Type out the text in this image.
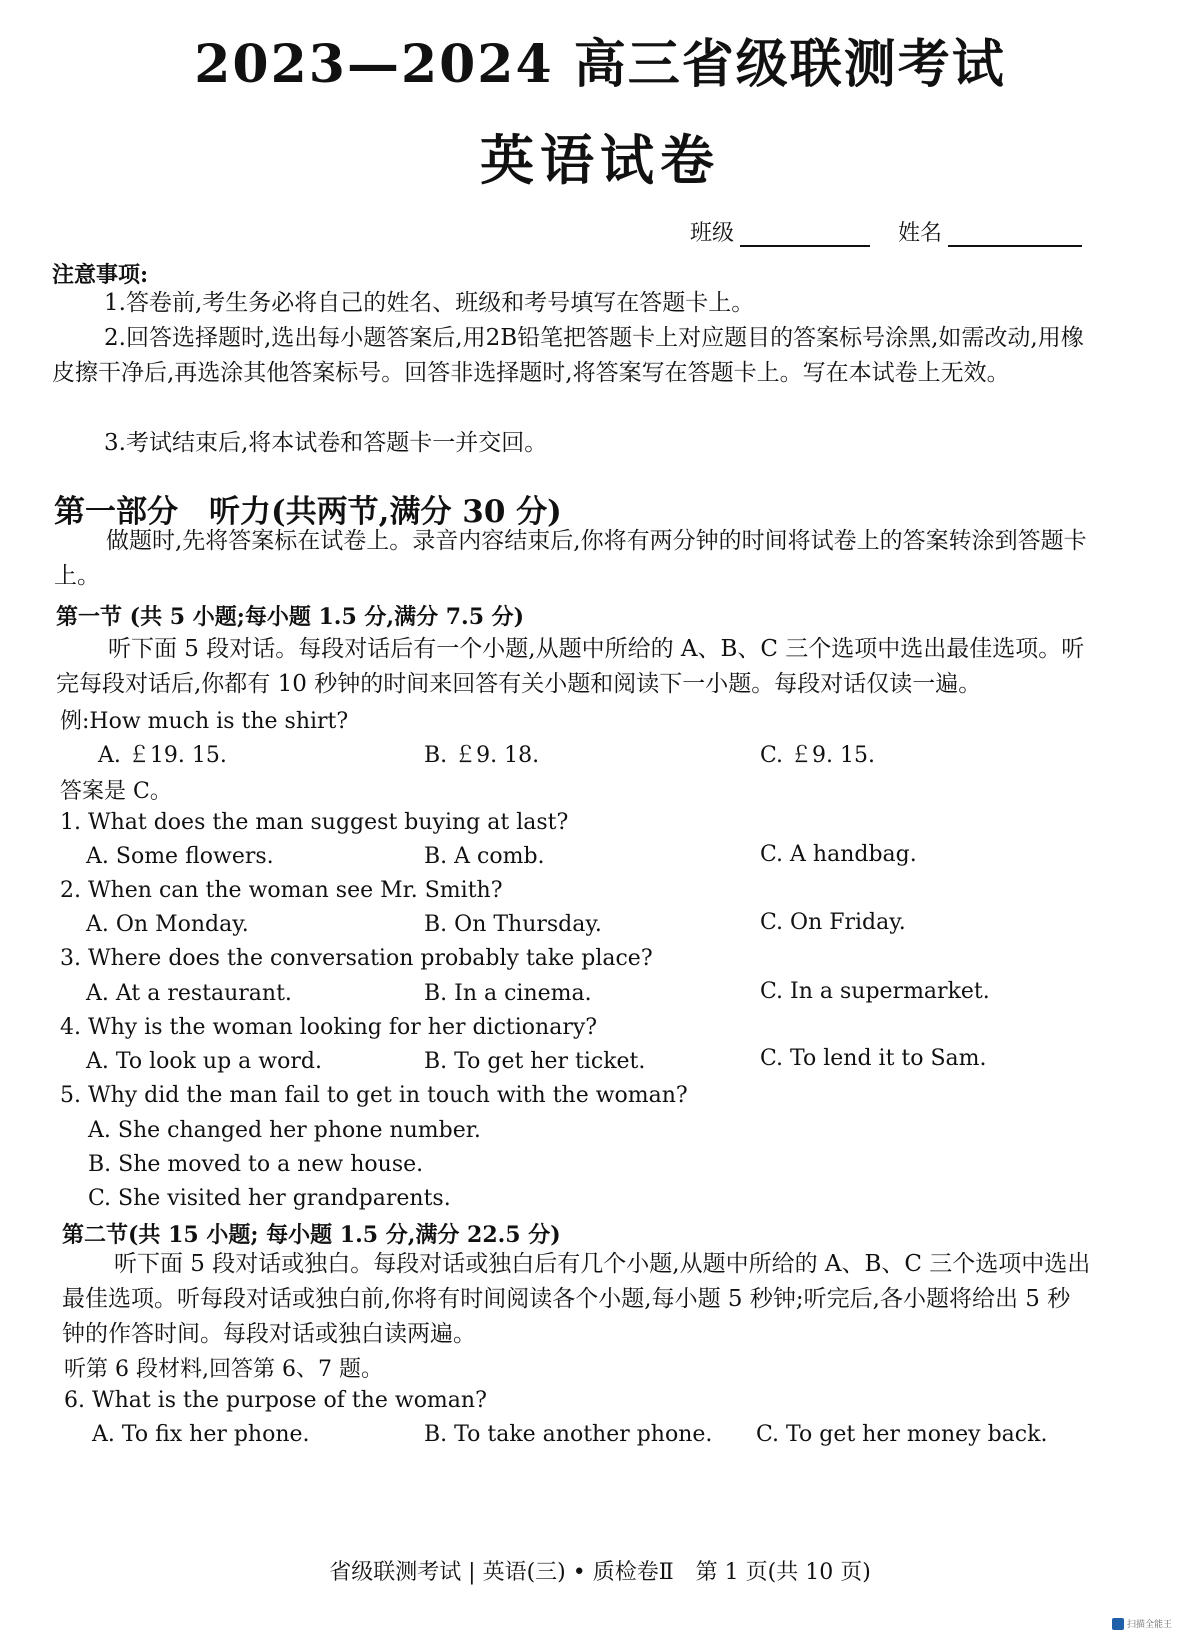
2023—2024 高三省级联测考试
英语试卷
班级	姓名
注意事项:
1.答卷前,考生务必将自己的姓名、班级和考号填写在答题卡上。
2.回答选择题时,选出每小题答案后,用2B铅笔把答题卡上对应题目的答案标号涂黑,如需改动,用橡皮擦干净后,再选涂其他答案标号。回答非选择题时,将答案写在答题卡上。写在本试卷上无效。
3.考试结束后,将本试卷和答题卡一并交回。
第一部分　听力(共两节,满分 30 分)
做题时,先将答案标在试卷上。录音内容结束后,你将有两分钟的时间将试卷上的答案转涂到答题卡上。
第一节 (共 5 小题;每小题 1.5 分,满分 7.5 分)
听下面 5 段对话。每段对话后有一个小题,从题中所给的 A、B、C 三个选项中选出最佳选项。听完每段对话后,你都有 10 秒钟的时间来回答有关小题和阅读下一小题。每段对话仅读一遍。
例:How much is the shirt?
A. ￡19. 15.	B. ￡9. 18.	C. ￡9. 15.
答案是 C。
1. What does the man suggest buying at last?
A. Some flowers.	B. A comb.	C. A handbag.
2. When can the woman see Mr. Smith?
A. On Monday.	B. On Thursday.	C. On Friday.
3. Where does the conversation probably take place?
A. At a restaurant.	B. In a cinema.	C. In a supermarket.
4. Why is the woman looking for her dictionary?
A. To look up a word.	B. To get her ticket.	C. To lend it to Sam.
5. Why did the man fail to get in touch with the woman?
A. She changed her phone number.
B. She moved to a new house.
C. She visited her grandparents.
第二节(共 15 小题; 每小题 1.5 分,满分 22.5 分)
听下面 5 段对话或独白。每段对话或独白后有几个小题,从题中所给的 A、B、C 三个选项中选出最佳选项。听每段对话或独白前,你将有时间阅读各个小题,每小题 5 秒钟;听完后,各小题将给出 5 秒钟的作答时间。每段对话或独白读两遍。
听第 6 段材料,回答第 6、7 题。
6. What is the purpose of the woman?
A. To fix her phone.	B. To take another phone. C. To get her money back.
省级联测考试 | 英语(三) • 质检卷Ⅱ　第 1 页(共 10 页)
扫描全能王
